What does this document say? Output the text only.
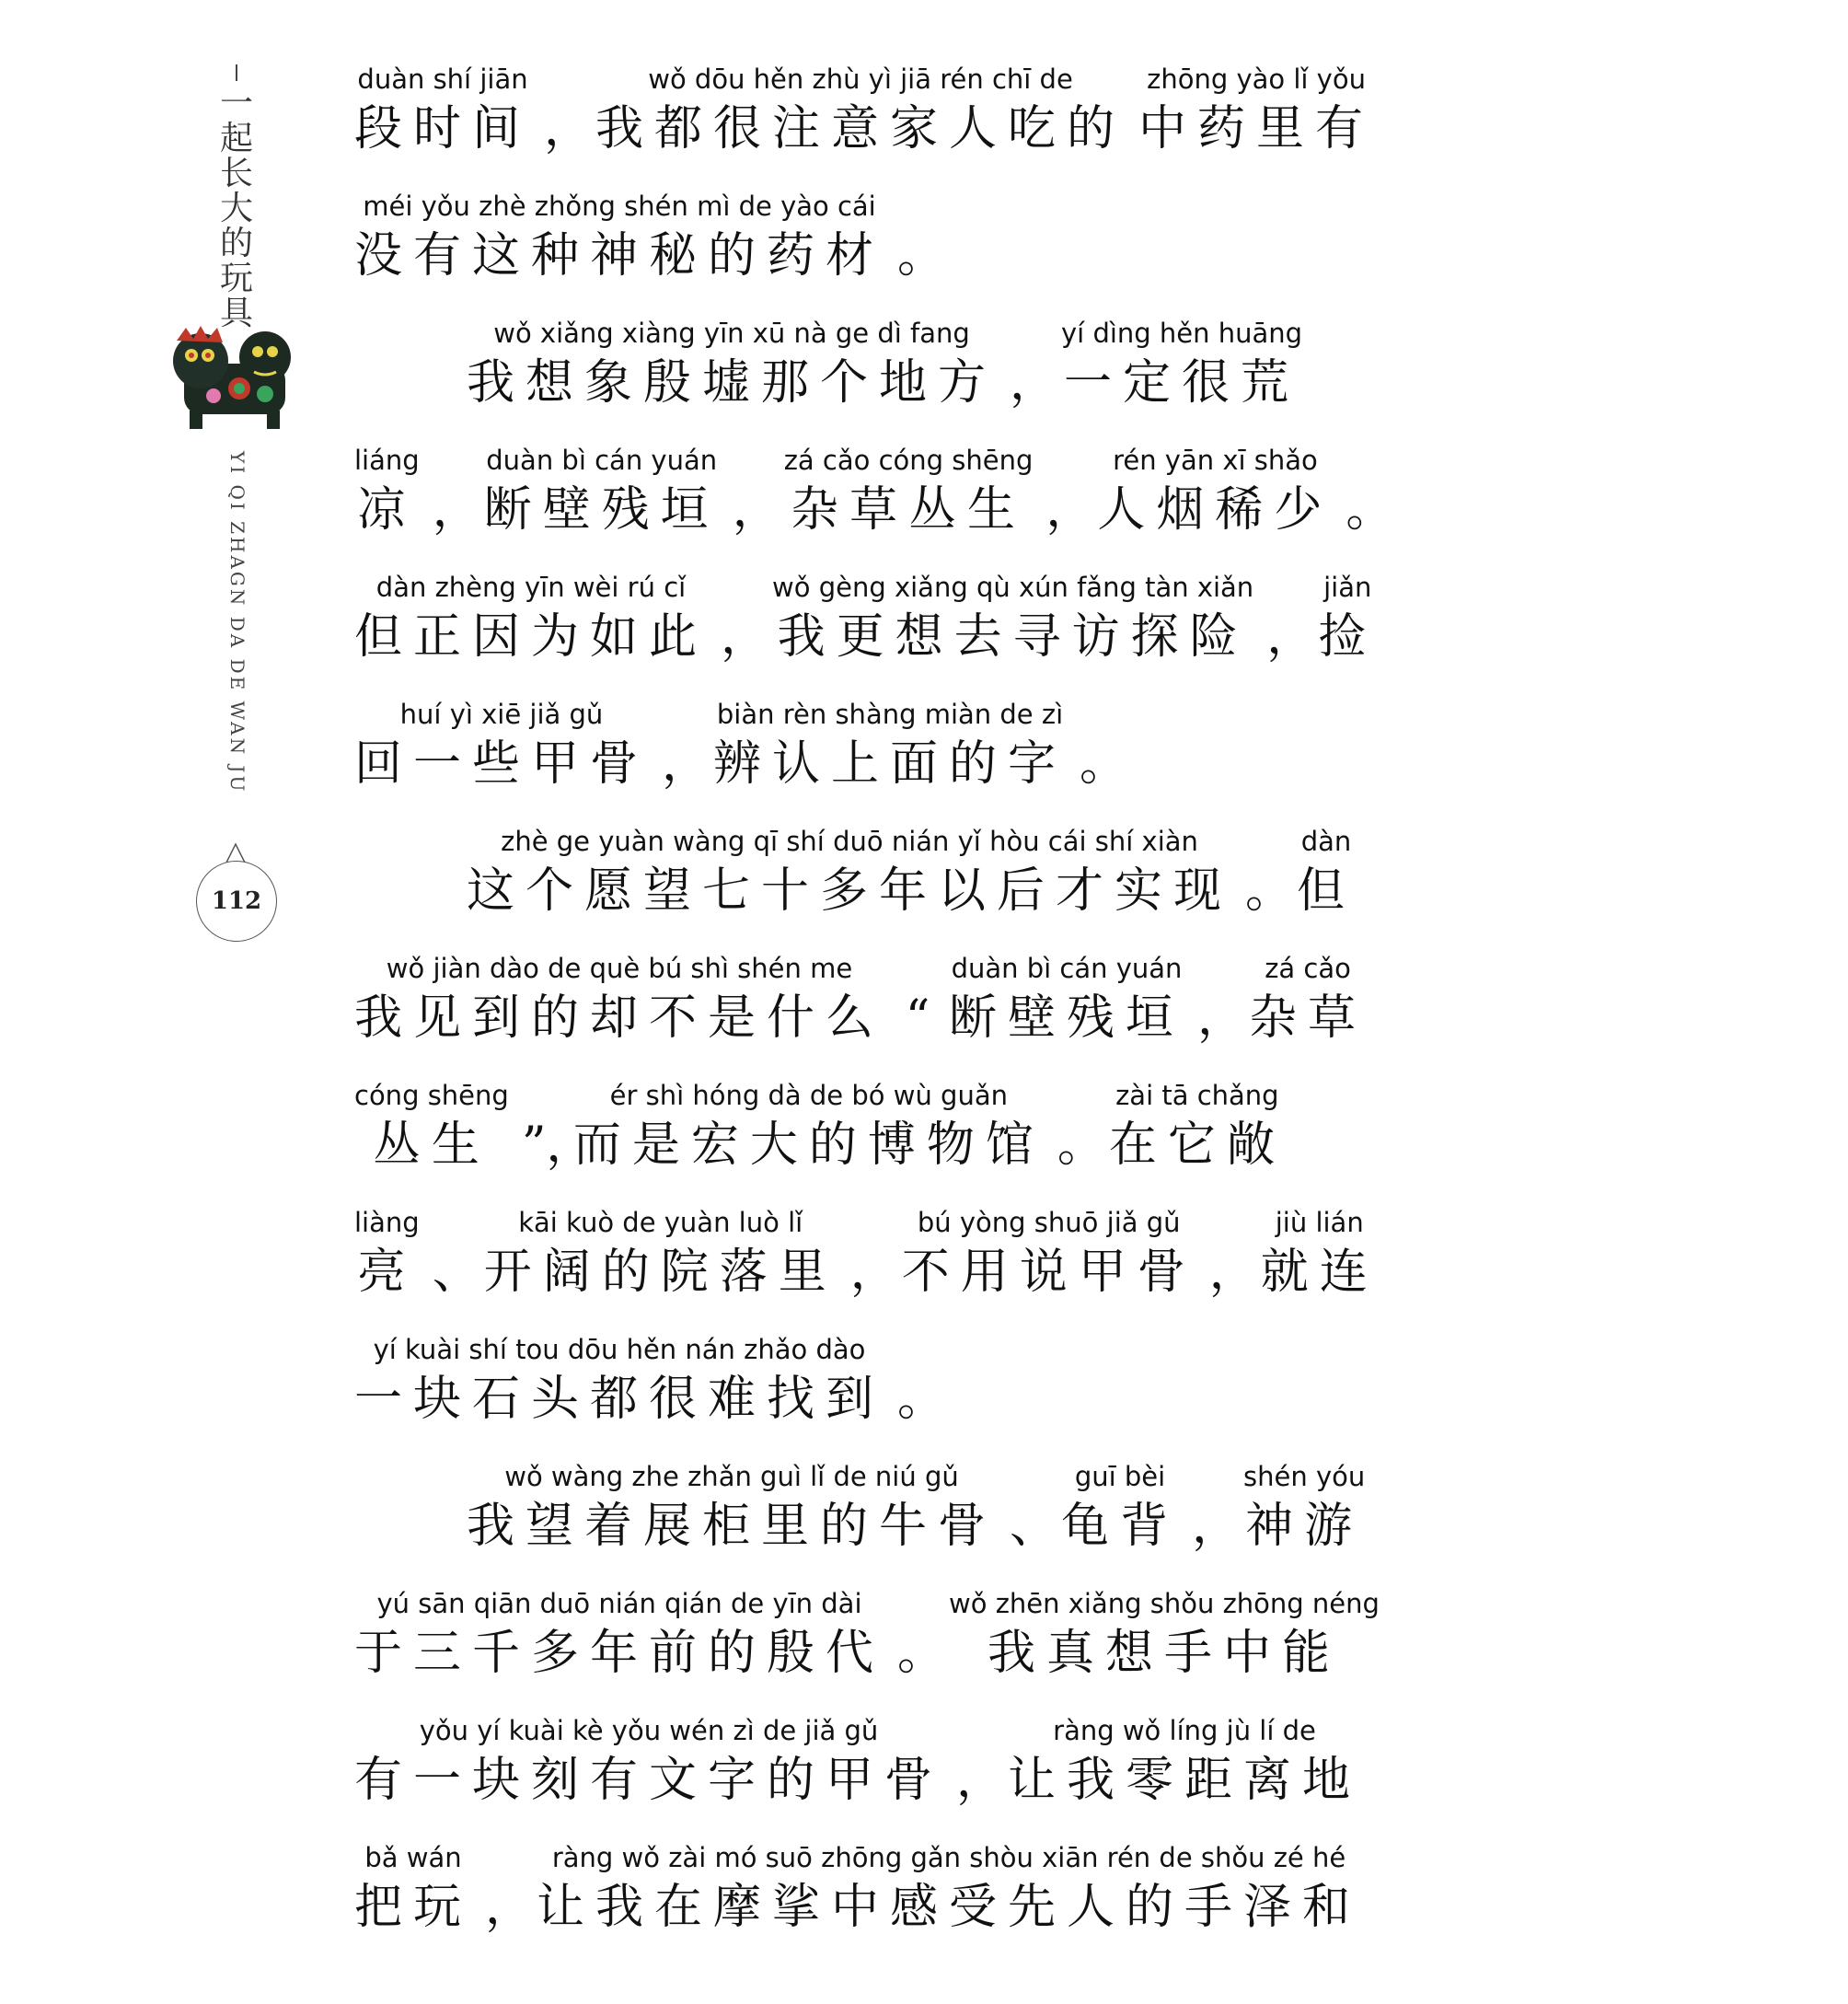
一
起
长
大
的
玩
具
YI QI ZHAGN DA DE WAN JU
112
duàn shí jiān
段时间 ，
wǒ dōu hěn zhù yì jiā rén chī de
我都很注意家人吃的
zhōng yào lǐ yǒu
中药里有
méi yǒu zhè zhǒng shén mì de yào cái
没有这种神秘的药材 。
wǒ xiǎng xiàng yīn xū nà ge dì fang
我想象殷墟那个地方 ，
yí dìng hěn huāng
一定很荒
liáng
凉 ，
duàn bì cán yuán
断壁残垣 ，
zá cǎo cóng shēng
杂草丛生 ，
rén yān xī shǎo
人烟稀少 。
dàn zhèng yīn wèi rú cǐ
但正因为如此 ，
wǒ gèng xiǎng qù xún fǎng tàn xiǎn
我更想去寻访探险 ，
jiǎn
捡
huí yì xiē jiǎ gǔ
回一些甲骨 ，
biàn rèn shàng miàn de zì
辨认上面的字 。
zhè ge yuàn wàng qī shí duō nián yǐ hòu cái shí xiàn
这个愿望七十多年以后才实现 。
dàn
但
wǒ jiàn dào de què bú shì shén me
我见到的却不是什么 “
duàn bì cán yuán
断壁残垣 ，
zá cǎo
杂草
cóng shēng
丛生 ”，
ér shì hóng dà de bó wù guǎn
而是宏大的博物馆 。
zài tā chǎng
在它敞
liàng
亮 、
kāi kuò de yuàn luò lǐ
开阔的院落里 ，
bú yòng shuō jiǎ gǔ
不用说甲骨 ，
jiù lián
就连
yí kuài shí tou dōu hěn nán zhǎo dào
一块石头都很难找到 。
wǒ wàng zhe zhǎn guì lǐ de niú gǔ
我望着展柜里的牛骨 、
guī bèi
龟背 ，
shén yóu
神游
yú sān qiān duō nián qián de yīn dài
于三千多年前的殷代 。
wǒ zhēn xiǎng shǒu zhōng néng
我真想手中能
yǒu yí kuài kè yǒu wén zì de jiǎ gǔ
有一块刻有文字的甲骨 ，
ràng wǒ líng jù lí de
让我零距离地
bǎ wán
把玩 ，
ràng wǒ zài mó suō zhōng gǎn shòu xiān rén de shǒu zé hé
让我在摩挲中感受先人的手泽和
